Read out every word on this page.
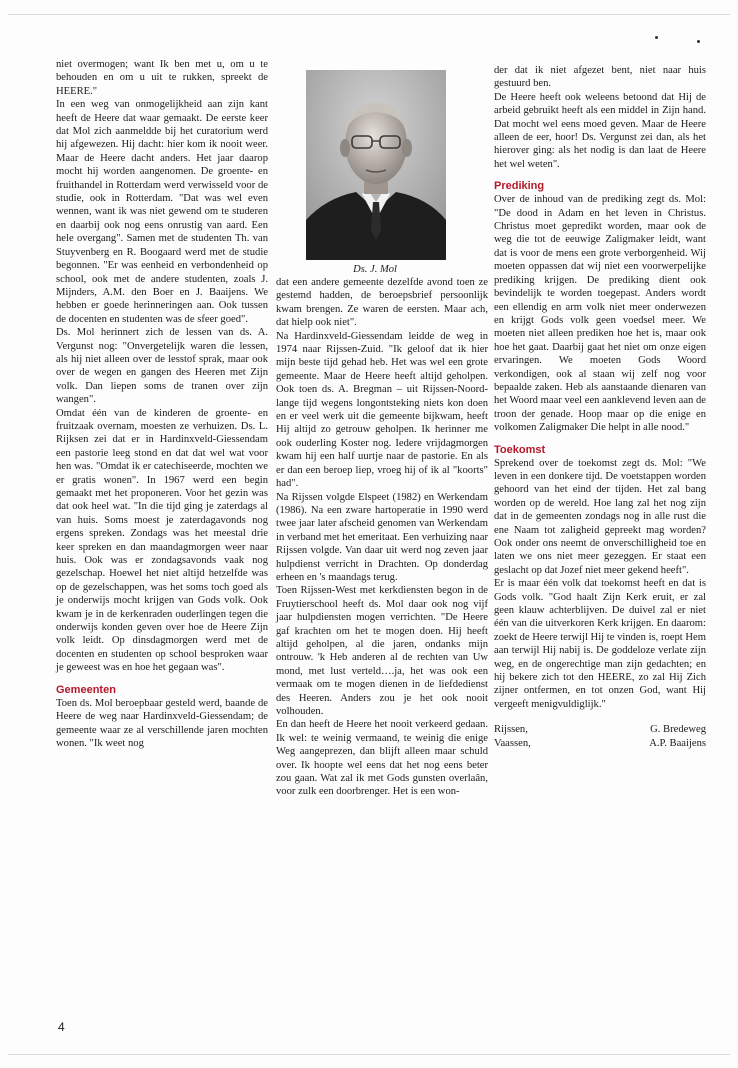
niet overmogen; want Ik ben met u, om u te behouden en om u uit te rukken, spreekt de HEERE."

In een weg van onmogelijkheid aan zijn kant heeft de Heere dat waar gemaakt. De eerste keer dat Mol zich aanmeldde bij het curatorium werd hij afgewezen. Hij dacht: hier kom ik nooit weer. Maar de Heere dacht anders. Het jaar daarop mocht hij worden aangenomen. De groente- en fruithandel in Rotterdam werd verwisseld voor de studie, ook in Rotterdam. "Dat was wel even wennen, want ik was niet gewend om te studeren en daarbij ook nog eens onrustig van aard. Een hele overgang". Samen met de studenten Th. van Stuyvenberg en R. Boogaard werd met de studie begonnen. "Er was eenheid en verbondenheid op school, ook met de andere studenten, zoals J. Mijnders, A.M. den Boer en J. Baaijens. We hebben er goede herinneringen aan. Ook tussen de docenten en studenten was de sfeer goed".

Ds. Mol herinnert zich de lessen van ds. A. Vergunst nog: "Onvergetelijk waren die lessen, als hij niet alleen over de lesstof sprak, maar ook over de wegen en gangen des Heeren met Zijn volk. Dan liepen soms de tranen over zijn wangen".

Omdat één van de kinderen de groente- en fruitzaak overnam, moesten ze verhuizen. Ds. L. Rijksen zei dat er in Hardinxveld-Giessendam een pastorie leeg stond en dat dat wel wat voor hen was. "Omdat ik er catechiseerde, mochten we er gratis wonen". In 1967 werd een begin gemaakt met het proponeren. Voor het gezin was dat ook heel wat. "In die tijd ging je zaterdags al van huis. Soms moest je zaterdagavonds nog ergens spreken. Zondags was het meestal drie keer spreken en dan maandagmorgen weer naar huis. Ook was er zondagsavonds vaak nog gezelschap. Hoewel het niet altijd hetzelfde was op de gezelschappen, was het soms toch goed als je onderwijs mocht krijgen van Gods volk. Ook kwam je in de kerkenraden ouderlingen tegen die onderwijs konden geven over hoe de Heere Zijn volk leidt. Op dinsdagmorgen werd met de docenten en studenten op school besproken waar je geweest was en hoe het gegaan was".

Gemeenten

Toen ds. Mol beroepbaar gesteld werd, baande de Heere de weg naar Hardinxveld-Giessendam; de gemeente waar ze al verschillende jaren mochten wonen. "Ik weet nog

Ds. J. Mol

dat een andere gemeente dezelfde avond toen ze gestemd hadden, de beroepsbrief persoonlijk kwam brengen. Ze waren de eersten. Maar ach, dat hielp ook niet".

Na Hardinxveld-Giessendam leidde de weg in 1974 naar Rijssen-Zuid. "Ik geloof dat ik hier mijn beste tijd gehad heb. Het was wel een grote gemeente. Maar de Heere heeft altijd geholpen. Ook toen ds. A. Bregman – uit Rijssen-Noord- lange tijd wegens longontsteking niets kon doen en er veel werk uit die gemeente bijkwam, heeft Hij altijd zo getrouw geholpen. Ik herinner me ook ouderling Koster nog. Iedere vrijdagmorgen kwam hij een half uurtje naar de pastorie. En als er dan een beroep liep, vroeg hij of ik al "koorts" had".

Na Rijssen volgde Elspeet (1982) en Werkendam (1986). Na een zware hartoperatie in 1990 werd twee jaar later afscheid genomen van Werkendam in verband met het emeritaat. Een verhuizing naar Rijssen volgde. Van daar uit werd nog zeven jaar hulpdienst verricht in Drachten. Op donderdag erheen en 's maandags terug.

Toen Rijssen-West met kerkdiensten begon in de Fruytierschool heeft ds. Mol daar ook nog vijf jaar hulpdiensten mogen verrichten. "De Heere gaf krachten om het te mogen doen. Hij heeft altijd geholpen, al die jaren, ondanks mijn ontrouw. 'k Heb anderen al de rechten van Uw mond, met lust verteld….ja, het was ook een vermaak om te mogen dienen in de liefdedienst des Heeren. Anders zou je het ook nooit volhouden.

En dan heeft de Heere het nooit verkeerd gedaan. Ik wel: te weinig vermaand, te weinig die enige Weg aangeprezen, dan blijft alleen maar schuld over. Ik hoopte wel eens dat het nog eens beter zou gaan. Wat zal ik met Gods gunsten overlaân, voor zulk een doorbrenger. Het is een won-

der dat ik niet afgezet bent, niet naar huis gestuurd ben.

De Heere heeft ook weleens betoond dat Hij de arbeid gebruikt heeft als een middel in Zijn hand. Dat mocht wel eens moed geven. Maar de Heere alleen de eer, hoor! Ds. Vergunst zei dan, als het hierover ging: als het nodig is dan laat de Heere het wel weten".

Prediking

Over de inhoud van de prediking zegt ds. Mol: "De dood in Adam en het leven in Christus. Christus moet gepredikt worden, maar ook de weg die tot de eeuwige Zaligmaker leidt, want dat is voor de mens een grote verborgenheid. Wij moeten oppassen dat wij niet een voorwerpelijke prediking krijgen. De prediking dient ook bevindelijk te worden toegepast. Anders wordt een ellendig en arm volk niet meer onderwezen en krijgt Gods volk geen voedsel meer. We moeten niet alleen prediken hoe het is, maar ook hoe het gaat. Daarbij gaat het niet om onze eigen ervaringen. We moeten Gods Woord verkondigen, ook al staan wij zelf nog voor bepaalde zaken. Heb als aanstaande dienaren van het Woord maar veel een aanklevend leven aan de troon der genade. Hoop maar op die enige en volkomen Zaligmaker Die helpt in alle nood."

Toekomst

Sprekend over de toekomst zegt ds. Mol: "We leven in een donkere tijd. De voetstappen worden gehoord van het eind der tijden. Het zal bang worden op de wereld. Hoe lang zal het nog zijn dat in de gemeenten zondags nog in alle rust die ene Naam tot zaligheid gepreekt mag worden? Ook onder ons neemt de onverschilligheid toe en laten we ons niet meer gezeggen. Er staat een geslacht op dat Jozef niet meer gekend heeft".

Er is maar één volk dat toekomst heeft en dat is Gods volk. "God haalt Zijn Kerk eruit, er zal geen klauw achterblijven. De duivel zal er niet één van die uitverkoren Kerk krijgen. En daarom: zoekt de Heere terwijl Hij te vinden is, roept Hem aan terwijl Hij nabij is. De goddeloze verlate zijn weg, en de ongerechtige man zijn gedachten; en hij bekere zich tot den HEERE, zo zal Hij Zich zijner ontfermen, en tot onzen God, want Hij vergeeft menigvuldiglijk."

Rijssen,
Vaassen,
G. Bredeweg
A.P. Baaijens
4
